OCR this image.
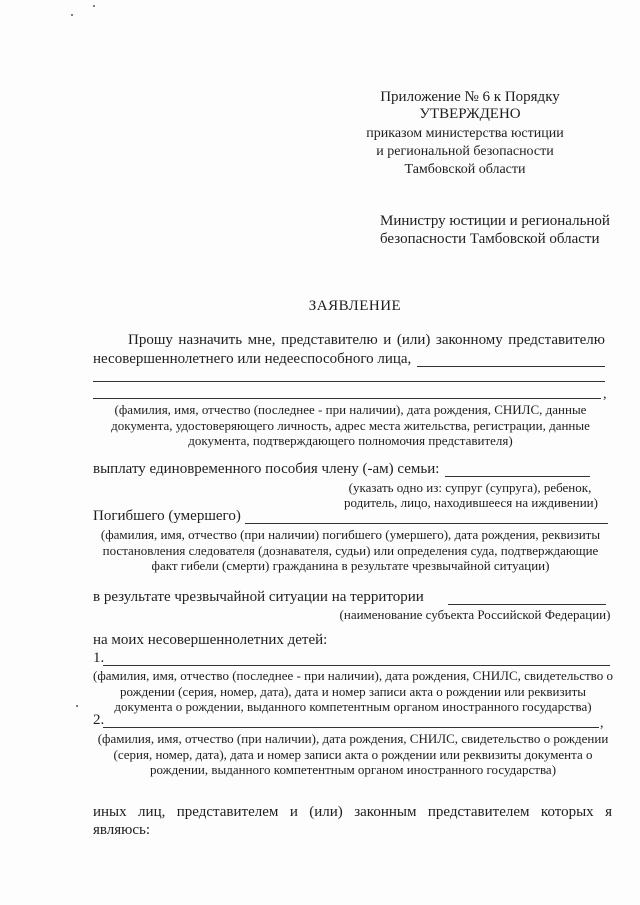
Приложение № 6 к Порядку
УТВЕРЖДЕНО
приказом министерства юстиции
и региональной безопасности
Тамбовской области
Министру юстиции и региональной
безопасности Тамбовской области
ЗАЯВЛЕНИЕ
Прошу назначить мне, представителю и (или) законному представителю
несовершеннолетнего или недееспособного лица,
,
(фамилия, имя, отчество (последнее - при наличии), дата рождения, СНИЛС, данные
документа, удостоверяющего личность, адрес места жительства, регистрации, данные
документа, подтверждающего полномочия представителя)
выплату единовременного пособия члену (-ам) семьи:
(указать одно из: супруг (супруга), ребенок,
родитель, лицо, находившееся на иждивении)
Погибшего (умершего)
(фамилия, имя, отчество (при наличии) погибшего (умершего), дата рождения, реквизиты
постановления следователя (дознавателя, судьи) или определения суда, подтверждающие
факт гибели (смерти) гражданина в результате чрезвычайной ситуации)
в результате чрезвычайной ситуации на территории
(наименование субъекта Российской Федерации)
на моих несовершеннолетних детей:
1.
(фамилия, имя, отчество (последнее - при наличии), дата рождения, СНИЛС, свидетельство о
рождении (серия, номер, дата), дата и номер записи акта о рождении или реквизиты
документа о рождении, выданного компетентным органом иностранного государства)
2.	,
(фамилия, имя, отчество (при наличии), дата рождения, СНИЛС, свидетельство о рождении
(серия, номер, дата), дата и номер записи акта о рождении или реквизиты документа о
рождении, выданного компетентным органом иностранного государства)
иных лиц, представителем и (или) законным представителем которых я
являюсь:
